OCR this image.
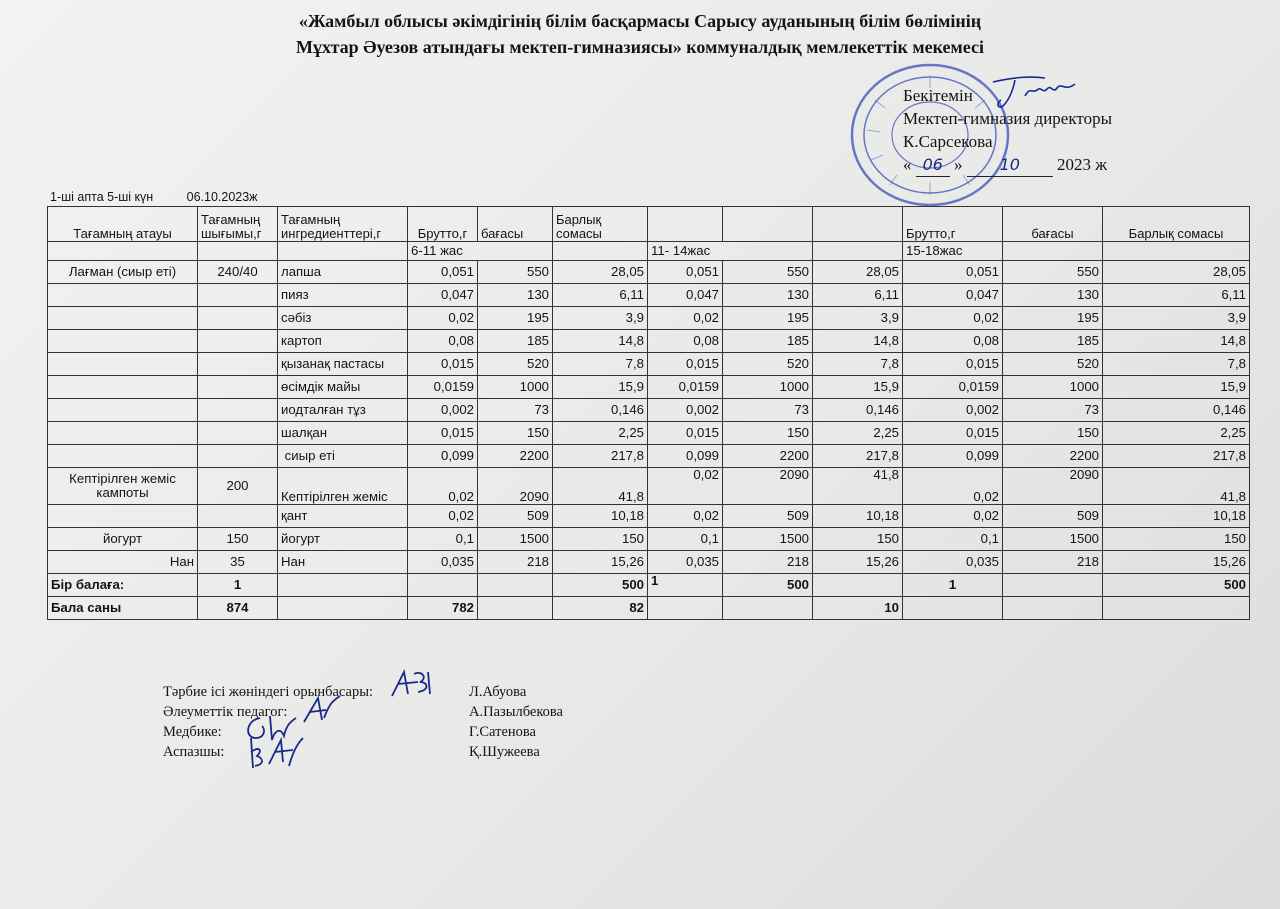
«Жамбыл облысы әкімдігінің білім басқармасы Сарысу ауданының білім бөлімінің
Мұхтар Әуезов атындағы мектеп-гимназиясы» коммуналдық мемлекеттік мекемесі
Бекітемін
Мектеп-гимназия директоры
К.Сарсекова
« 06 » 10 2023 ж
1-ші апта 5-ші күн	06.10.2023ж
Тағамның атауы	Тағамның шығымы,г	Тағамның ингредиенттері,г	Брутто,г	бағасы	Барлық сомасы				Брутто,г	бағасы	Барлық сомасы
			6-11 жас			11- 14жас			15-18жас		
Лағман (сиыр еті)	240/40	лапша	0,051	550	28,05	0,051	550	28,05	0,051	550	28,05
		пияз	0,047	130	6,11	0,047	130	6,11	0,047	130	6,11
		сәбіз	0,02	195	3,9	0,02	195	3,9	0,02	195	3,9
		картоп	0,08	185	14,8	0,08	185	14,8	0,08	185	14,8
		қызанақ пастасы	0,015	520	7,8	0,015	520	7,8	0,015	520	7,8
		өсімдік майы	0,0159	1000	15,9	0,0159	1000	15,9	0,0159	1000	15,9
		иодталған тұз	0,002	73	0,146	0,002	73	0,146	0,002	73	0,146
		шалқан	0,015	150	2,25	0,015	150	2,25	0,015	150	2,25
		сиыр еті	0,099	2200	217,8	0,099	2200	217,8	0,099	2200	217,8
Кептірілген жеміс кампоты	200	Кептірілген жеміс	0,02	2090	41,8	0,02	2090	41,8	0,02	2090	41,8
		қант	0,02	509	10,18	0,02	509	10,18	0,02	509	10,18
йогурт	150	йогурт	0,1	1500	150	0,1	1500	150	0,1	1500	150
Нан	35	Нан	0,035	218	15,26	0,035	218	15,26	0,035	218	15,26
Бір балаға:	1				500	1	500		1		500
Бала саны	874		782		82			10			
Тәрбие ісі жөніндегі орынбасары:	Л.Абуова
Әлеуметтік педагог:	А.Пазылбекова
Медбике:	Г.Сатенова
Аспазшы:	Қ.Шужеева
